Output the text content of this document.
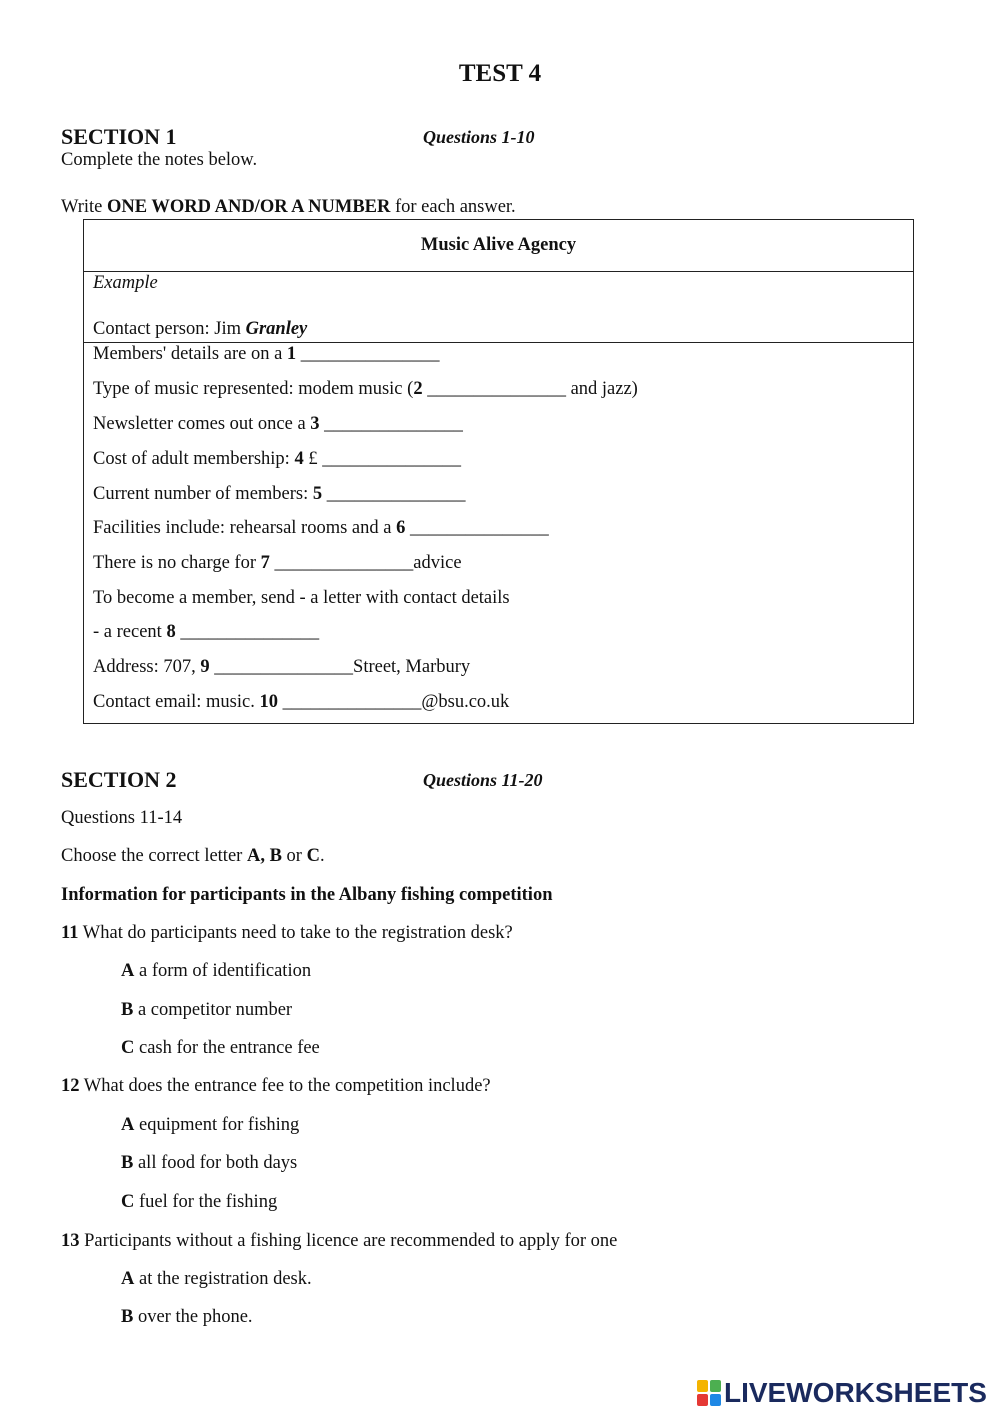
TEST 4
SECTION 1	Questions 1-10
Complete the notes below.
Write ONE WORD AND/OR A NUMBER for each answer.
Music Alive Agency
Example
Contact person: Jim Granley
Members' details are on a 1 _______________
Type of music represented: modem music (2 _______________ and jazz)
Newsletter comes out once a 3 _______________
Cost of adult membership: 4 £ _______________
Current number of members: 5 _______________
Facilities include: rehearsal rooms and a 6 _______________
There is no charge for 7 _______________advice
To become a member, send - a letter with contact details
- a recent 8 _______________
Address: 707, 9 _______________Street, Marbury
Contact email: music. 10 _______________@bsu.co.uk
SECTION 2	Questions 11-20
Questions 11-14
Choose the correct letter A, B or C.
Information for participants in the Albany fishing competition
11 What do participants need to take to the registration desk?
A a form of identification
B a competitor number
C cash for the entrance fee
12 What does the entrance fee to the competition include?
A equipment for fishing
B all food for both days
C fuel for the fishing
13 Participants without a fishing licence are recommended to apply for one
A at the registration desk.
B over the phone.
LIVEWORKSHEETS
